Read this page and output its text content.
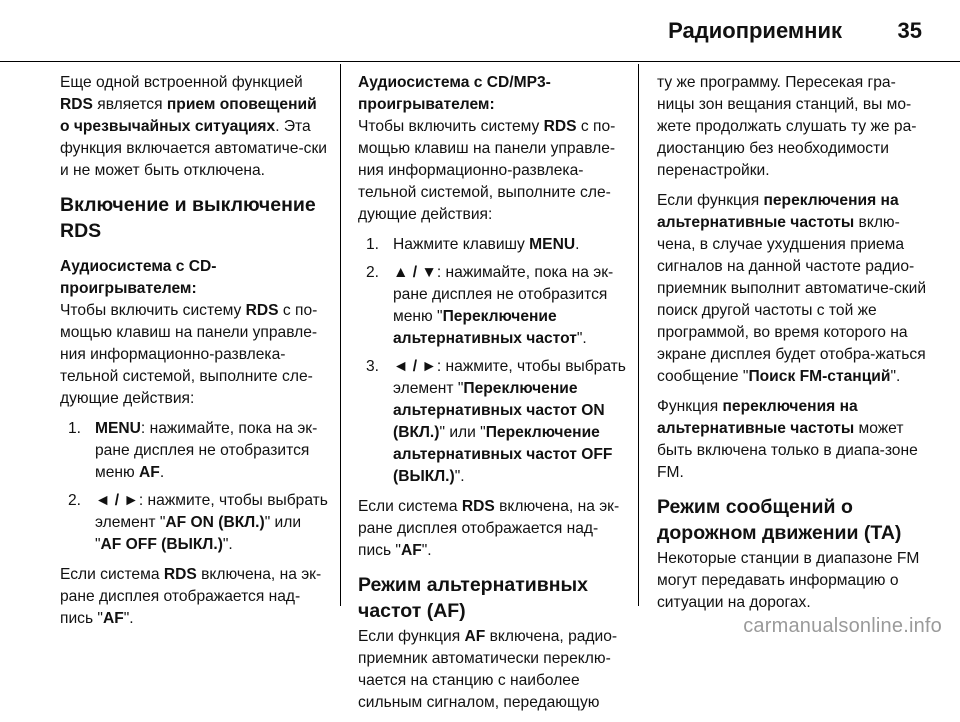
Радиоприемник	35

Еще одной встроенной функцией RDS является прием оповещений о чрезвычайных ситуациях. Эта функция включается автоматиче-ски и не может быть отключена.

Включение и выключение RDS
Аудиосистема с CD-проигрывателем:

Чтобы включить систему RDS с по-мощью клавиш на панели управле-ния информационно-развлека-тельной системой, выполните сле-дующие действия:

1. MENU: нажимайте, пока на эк-ране дисплея не отобразится меню AF.
2. ◄ / ►: нажмите, чтобы выбрать элемент "AF ON (ВКЛ.)" или "AF OFF (ВЫКЛ.)".

Если система RDS включена, на эк-ране дисплея отображается над-пись "AF".

Аудиосистема с CD/MP3-проигрывателем:

Чтобы включить систему RDS с по-мощью клавиш на панели управле-ния информационно-развлека-тельной системой, выполните сле-дующие действия:

1. Нажмите клавишу MENU.
2. ▲ / ▼: нажимайте, пока на эк-ране дисплея не отобразится меню "Переключение альтернативных частот".
3. ◄ / ►: нажмите, чтобы выбрать элемент "Переключение альтернативных частот ON (ВКЛ.)" или "Переключение альтернативных частот OFF (ВЫКЛ.)".

Если система RDS включена, на эк-ране дисплея отображается над-пись "AF".

Режим альтернативных частот (AF)

Если функция AF включена, радио-приемник автоматически переклю-чается на станцию с наиболее сильным сигналом, передающую

ту же программу. Пересекая гра-ницы зон вещания станций, вы мо-жете продолжать слушать ту же ра-диостанцию без необходимости перенастройки.

Если функция переключения на альтернативные частоты вклю-чена, в случае ухудшения приема сигналов на данной частоте радио-приемник выполнит автоматиче-ский поиск другой частоты с той же программой, во время которого на экране дисплея будет отобра-жаться сообщение "Поиск FM-станций".

Функция переключения на альтернативные частоты может быть включена только в диапа-зоне FM.

Режим сообщений о дорожном движении (TA)

Некоторые станции в диапазоне FM могут передавать информацию о ситуации на дорогах.

carmanualsonline.info
